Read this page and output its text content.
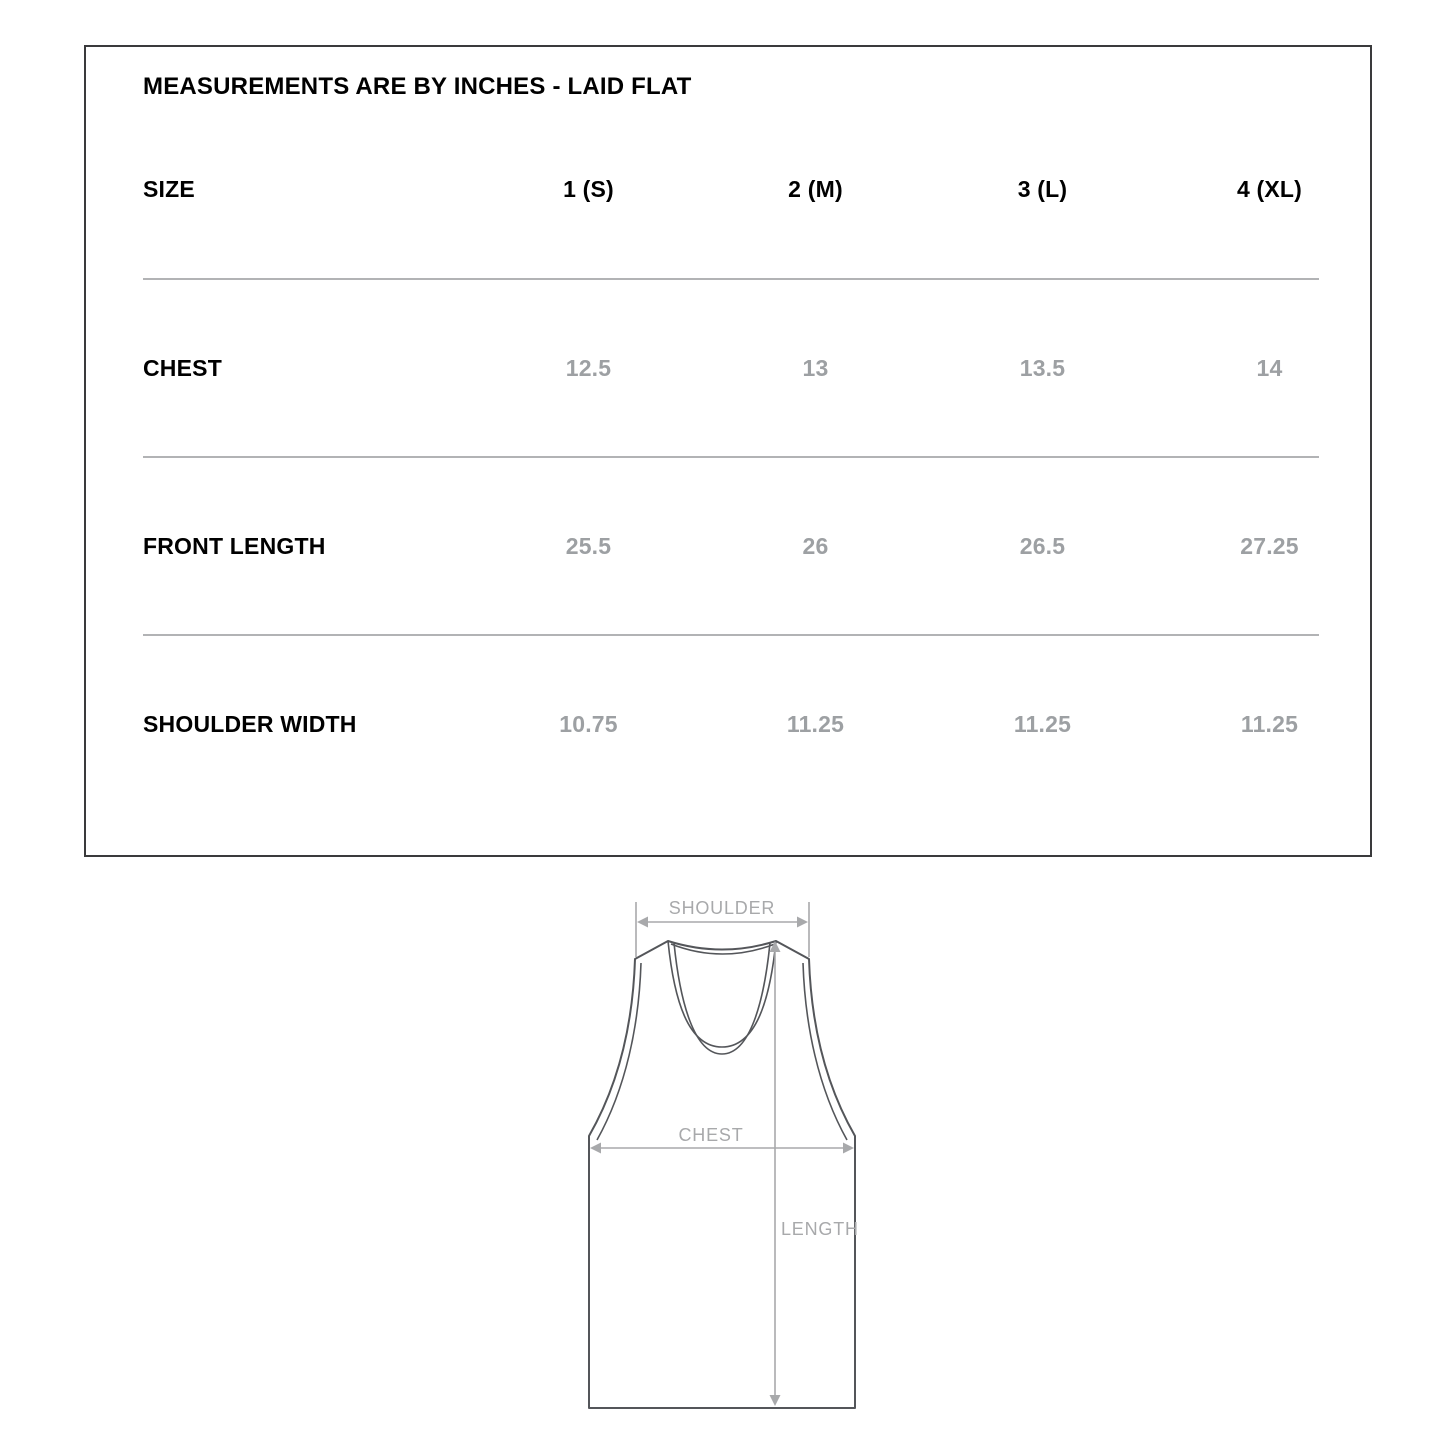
MEASUREMENTS ARE BY INCHES - LAID FLAT
SIZE	1 (S)	2 (M)	3 (L)	4 (XL)
CHEST	12.5	13	13.5	14
FRONT LENGTH	25.5	26	26.5	27.25
SHOULDER WIDTH	10.75	11.25	11.25	11.25
SHOULDER
CHEST
LENGTH
